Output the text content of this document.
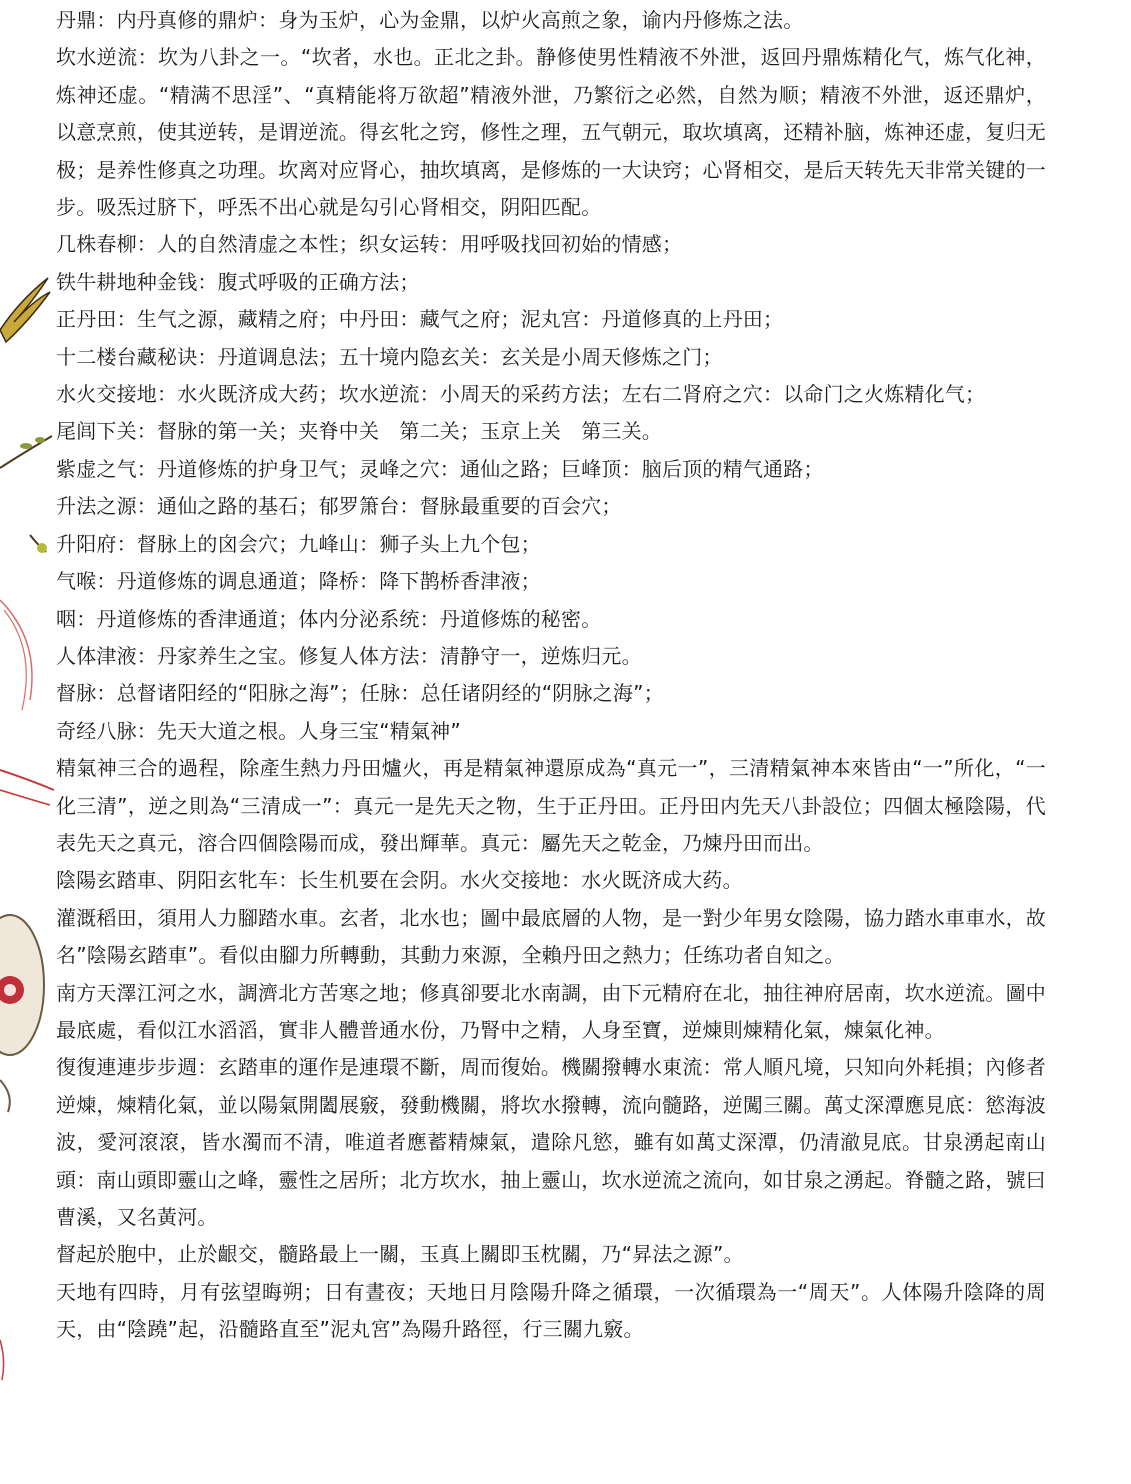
丹鼎：内丹真修的鼎炉：身为玉炉，心为金鼎，以炉火高煎之象，谕内丹修炼之法。

坎水逆流：坎为八卦之一。“坎者，水也。正北之卦。静修使男性精液不外泄，返回丹鼎炼精化气，炼气化神，炼神还虚。“精满不思淫”、“真精能将万欲超”精液外泄，乃繁衍之必然，自然为顺；精液不外泄，返还鼎炉，以意烹煎，使其逆转，是谓逆流。得玄牝之窍，修性之理，五气朝元，取坎填离，还精补脑，炼神还虚，复归无极；是养性修真之功理。坎离对应肾心，抽坎填离，是修炼的一大诀窍；心肾相交，是后天转先天非常关键的一步。吸炁过脐下，呼炁不出心就是勾引心肾相交，阴阳匹配。

几株春柳：人的自然清虚之本性；织女运转：用呼吸找回初始的情感；

铁牛耕地种金钱：腹式呼吸的正确方法；

正丹田：生气之源，藏精之府；中丹田：藏气之府；泥丸宫：丹道修真的上丹田；

十二楼台藏秘诀：丹道调息法；五十境内隐玄关：玄关是小周天修炼之门；

水火交接地：水火既济成大药；坎水逆流：小周天的采药方法；左右二肾府之穴：以命门之火炼精化气；

尾闾下关：督脉的第一关；夹脊中关　第二关；玉京上关　第三关。

紫虚之气：丹道修炼的护身卫气；灵峰之穴：通仙之路；巨峰顶：脑后顶的精气通路；

升法之源：通仙之路的基石；郁罗箫台：督脉最重要的百会穴；

升阳府：督脉上的囟会穴；九峰山：狮子头上九个包；

气喉：丹道修炼的调息通道；降桥：降下鹊桥香津液；

咽：丹道修炼的香津通道；体内分泌系统：丹道修炼的秘密。

人体津液：丹家养生之宝。修复人体方法：清静守一，逆炼归元。

督脉：总督诸阳经的“阳脉之海”；任脉：总任诸阴经的“阴脉之海”；

奇经八脉：先天大道之根。人身三宝“精氣神”

精氣神三合的過程，除產生熱力丹田爐火，再是精氣神還原成為“真元一”，三清精氣神本來皆由“一”所化，“一化三清”，逆之則為“三清成一”：真元一是先天之物，生于正丹田。正丹田内先天八卦設位；四個太極陰陽，代表先天之真元，溶合四個陰陽而成，發出輝華。真元：屬先天之乾金，乃煉丹田而出。

陰陽玄踏車、阴阳玄牝车：长生机要在会阴。水火交接地：水火既济成大药。

灌溉稻田，須用人力腳踏水車。玄者，北水也；圖中最底層的人物，是一對少年男女陰陽，協力踏水車車水，故名”陰陽玄踏車”。看似由腳力所轉動，其動力來源，全賴丹田之熱力；任练功者自知之。

南方天澤江河之水，調濟北方苦寒之地；修真卻要北水南調，由下元精府在北，抽往神府居南，坎水逆流。圖中最底處，看似江水滔滔，實非人體普通水份，乃腎中之精，人身至寶，逆煉則煉精化氣，煉氣化神。

復復連連步步週：玄踏車的運作是連環不斷，周而復始。機關撥轉水東流：常人順凡境，只知向外耗損；內修者逆煉，煉精化氣，並以陽氣開闔展竅，發動機關，將坎水撥轉，流向髓路，逆闖三關。萬丈深潭應見底：慾海波波，愛河滾滾，皆水濁而不清，唯道者應蓄精煉氣，遣除凡慾，雖有如萬丈深潭，仍清澈見底。甘泉湧起南山頭：南山頭即靈山之峰，靈性之居所；北方坎水，抽上靈山，坎水逆流之流向，如甘泉之湧起。脊髓之路，號曰曹溪，又名黃河。

督起於胞中，止於齦交，髓路最上一關，玉真上關即玉枕關，乃“昇法之源”。

天地有四時，月有弦望晦朔；日有晝夜；天地日月陰陽升降之循環，一次循環為一“周天”。人体陽升陰降的周天，由“陰蹺”起，沿髓路直至”泥丸宮”為陽升路徑，行三關九竅。
